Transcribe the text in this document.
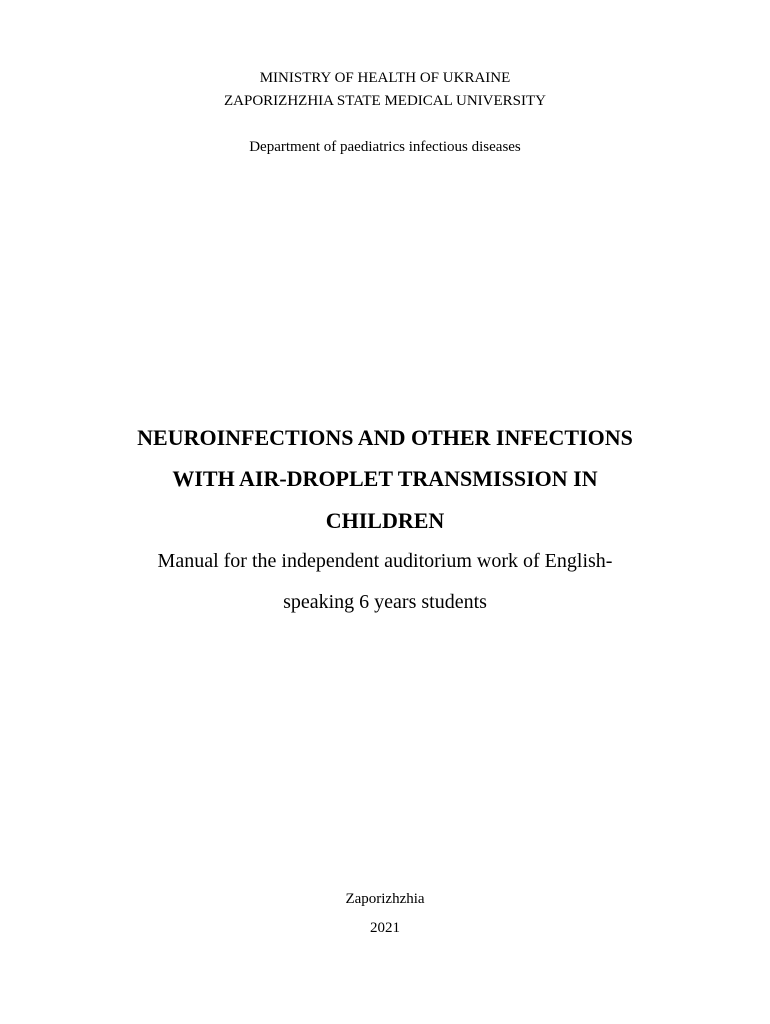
MINISTRY OF HEALTH OF UKRAINE
ZAPORIZHZHIA STATE MEDICAL UNIVERSITY
Department of paediatrics infectious diseases
NEUROINFECTIONS AND OTHER INFECTIONS
WITH AIR-DROPLET TRANSMISSION IN
CHILDREN
Manual for the independent auditorium work of English-
speaking 6 years students
Zaporizhzhia
2021
